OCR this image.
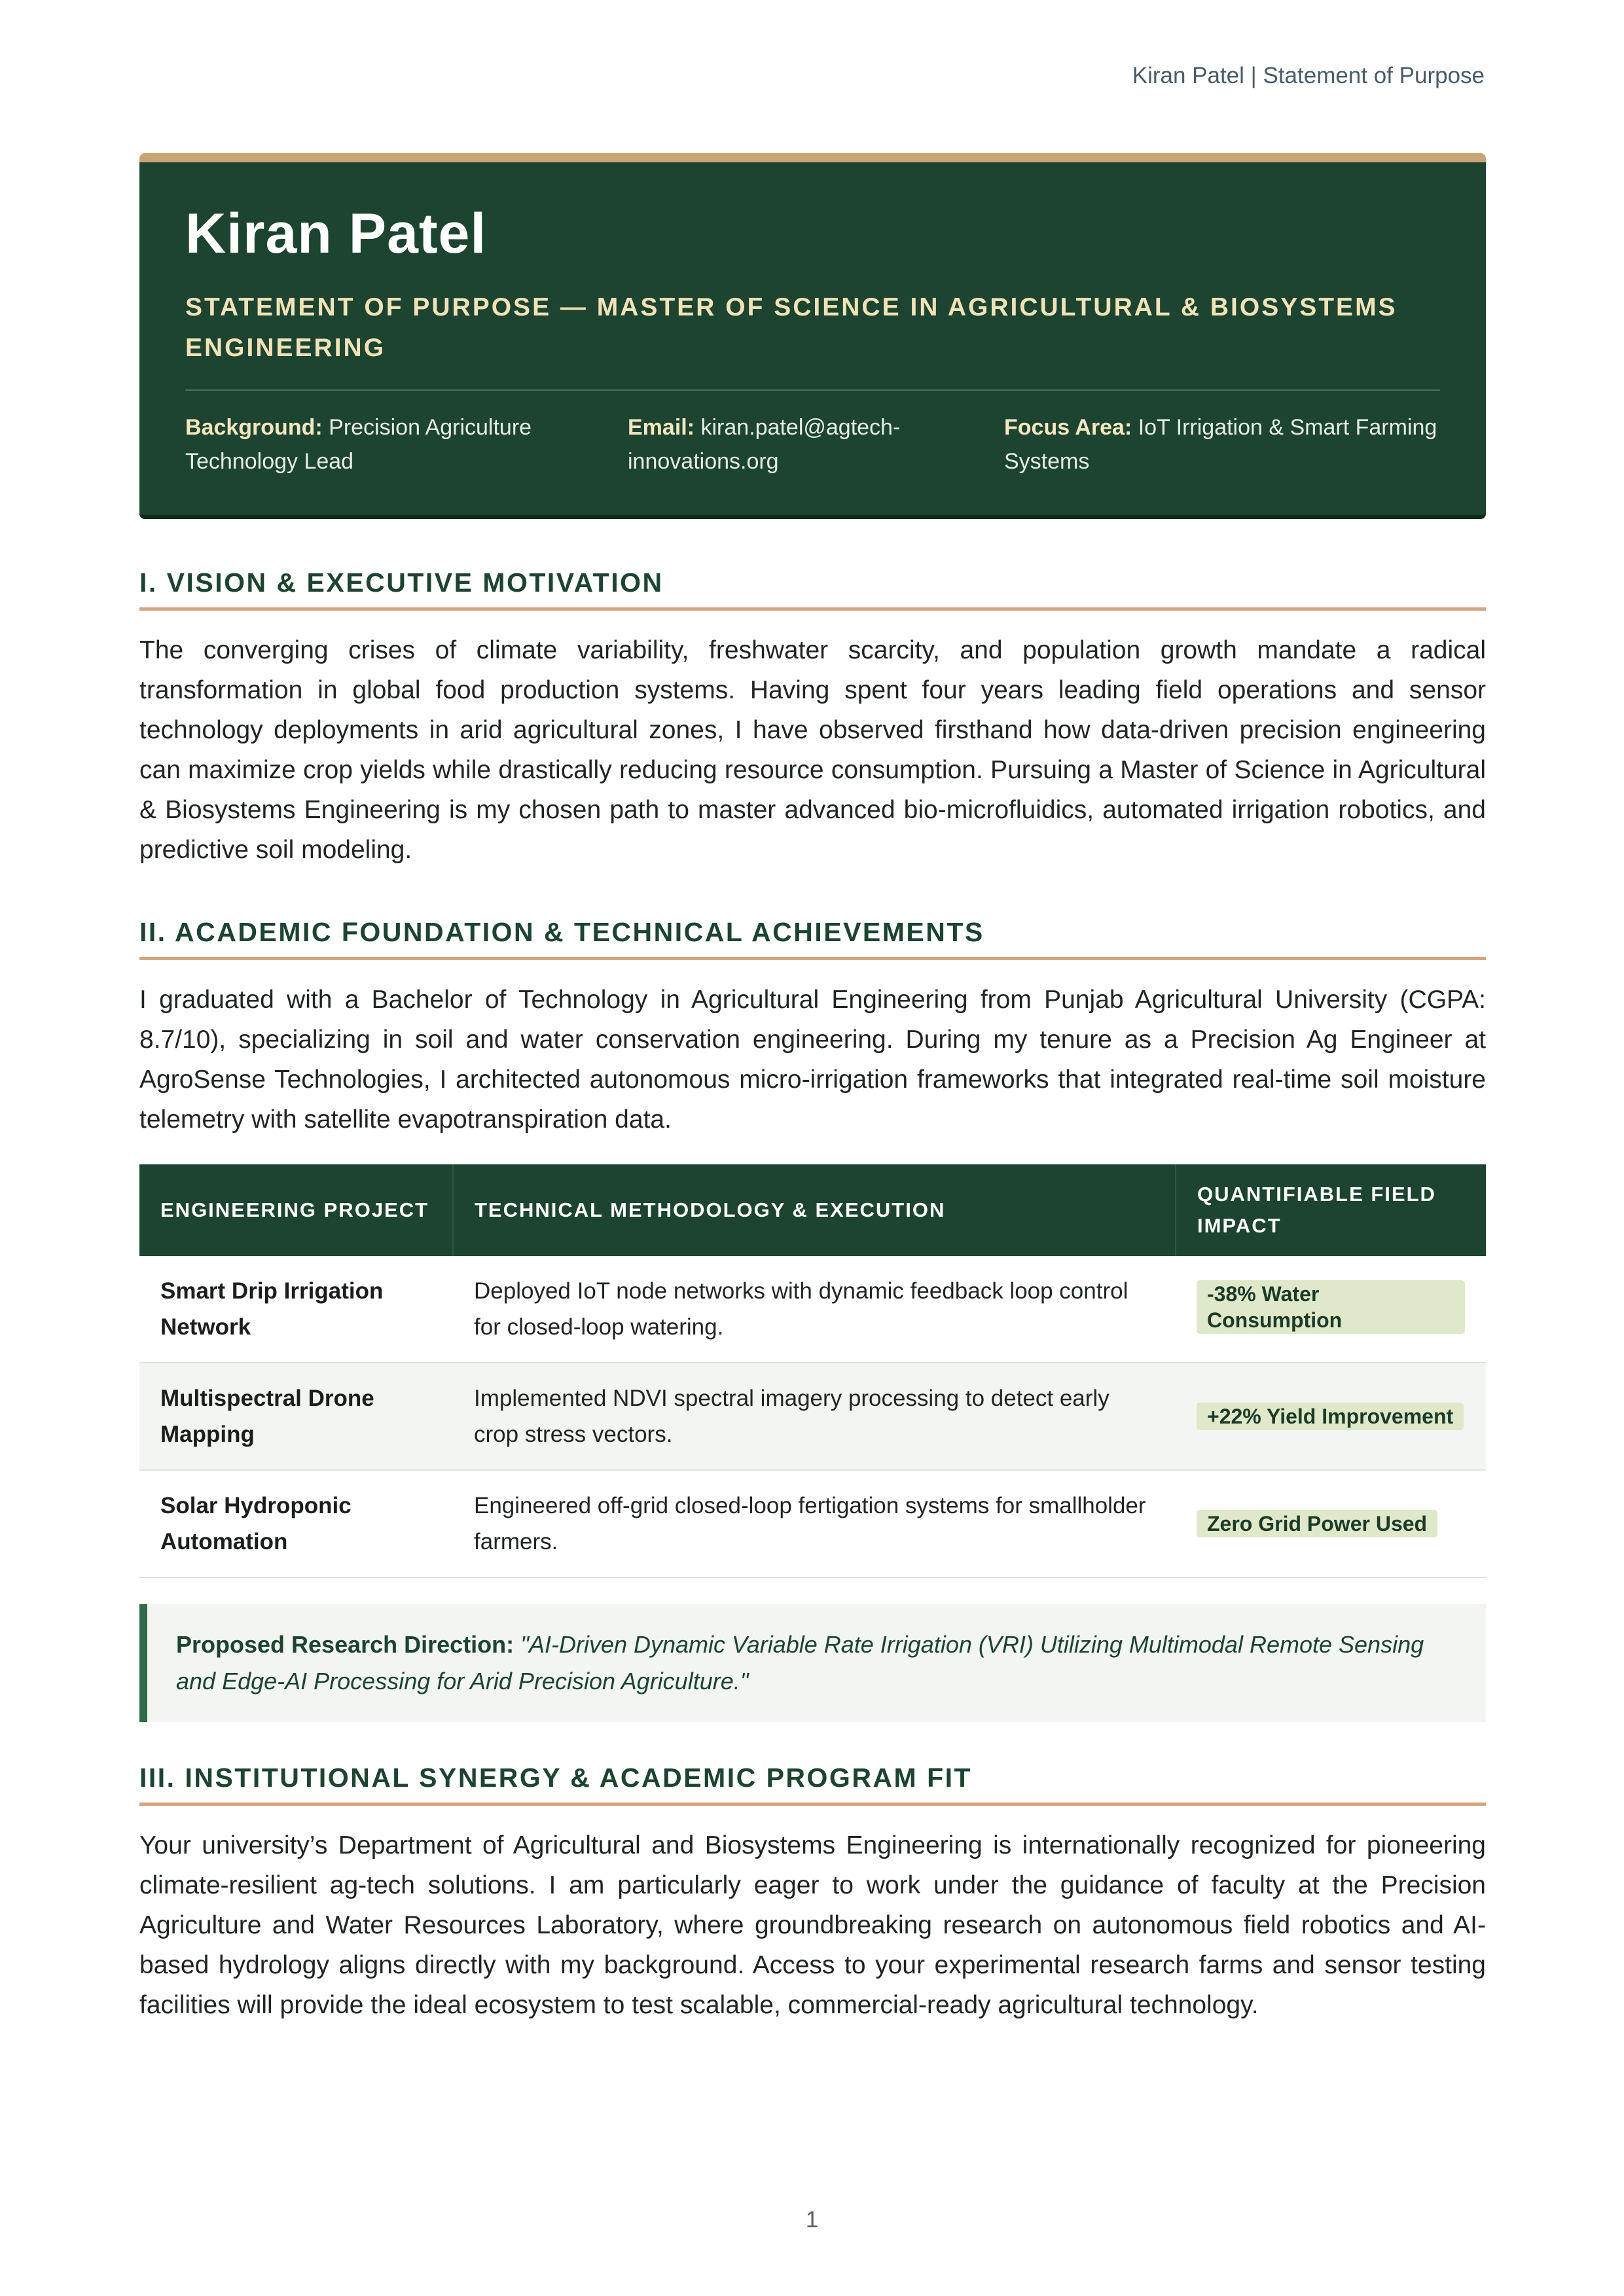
Kiran Patel | Statement of Purpose
Kiran Patel
STATEMENT OF PURPOSE — MASTER OF SCIENCE IN AGRICULTURAL & BIOSYSTEMS ENGINEERING
Background: Precision Agriculture Technology Lead
Email: kiran.patel@agtech-innovations.org
Focus Area: IoT Irrigation & Smart Farming Systems
I. VISION & EXECUTIVE MOTIVATION

The converging crises of climate variability, freshwater scarcity, and population growth mandate a radical transformation in global food production systems. Having spent four years leading field operations and sensor technology deployments in arid agricultural zones, I have observed firsthand how data-driven precision engineering can maximize crop yields while drastically reducing resource consumption. Pursuing a Master of Science in Agricultural & Biosystems Engineering is my chosen path to master advanced bio-microfluidics, automated irrigation robotics, and predictive soil modeling.

II. ACADEMIC FOUNDATION & TECHNICAL ACHIEVEMENTS

I graduated with a Bachelor of Technology in Agricultural Engineering from Punjab Agricultural University (CGPA: 8.7/10), specializing in soil and water conservation engineering. During my tenure as a Precision Ag Engineer at AgroSense Technologies, I architected autonomous micro-irrigation frameworks that integrated real-time soil moisture telemetry with satellite evapotranspiration data.

ENGINEERING PROJECT	TECHNICAL METHODOLOGY & EXECUTION	QUANTIFIABLE FIELD IMPACT
Smart Drip Irrigation Network	Deployed IoT node networks with dynamic feedback loop control for closed-loop watering.	-38% Water Consumption
Multispectral Drone Mapping	Implemented NDVI spectral imagery processing to detect early crop stress vectors.	+22% Yield Improvement
Solar Hydroponic Automation	Engineered off-grid closed-loop fertigation systems for smallholder farmers.	Zero Grid Power Used
Proposed Research Direction: "AI-Driven Dynamic Variable Rate Irrigation (VRI) Utilizing Multimodal Remote Sensing and Edge-AI Processing for Arid Precision Agriculture."
III. INSTITUTIONAL SYNERGY & ACADEMIC PROGRAM FIT

Your university’s Department of Agricultural and Biosystems Engineering is internationally recognized for pioneering climate-resilient ag-tech solutions. I am particularly eager to work under the guidance of faculty at the Precision Agriculture and Water Resources Laboratory, where groundbreaking research on autonomous field robotics and AI-based hydrology aligns directly with my background. Access to your experimental research farms and sensor testing facilities will provide the ideal ecosystem to test scalable, commercial-ready agricultural technology.

1
